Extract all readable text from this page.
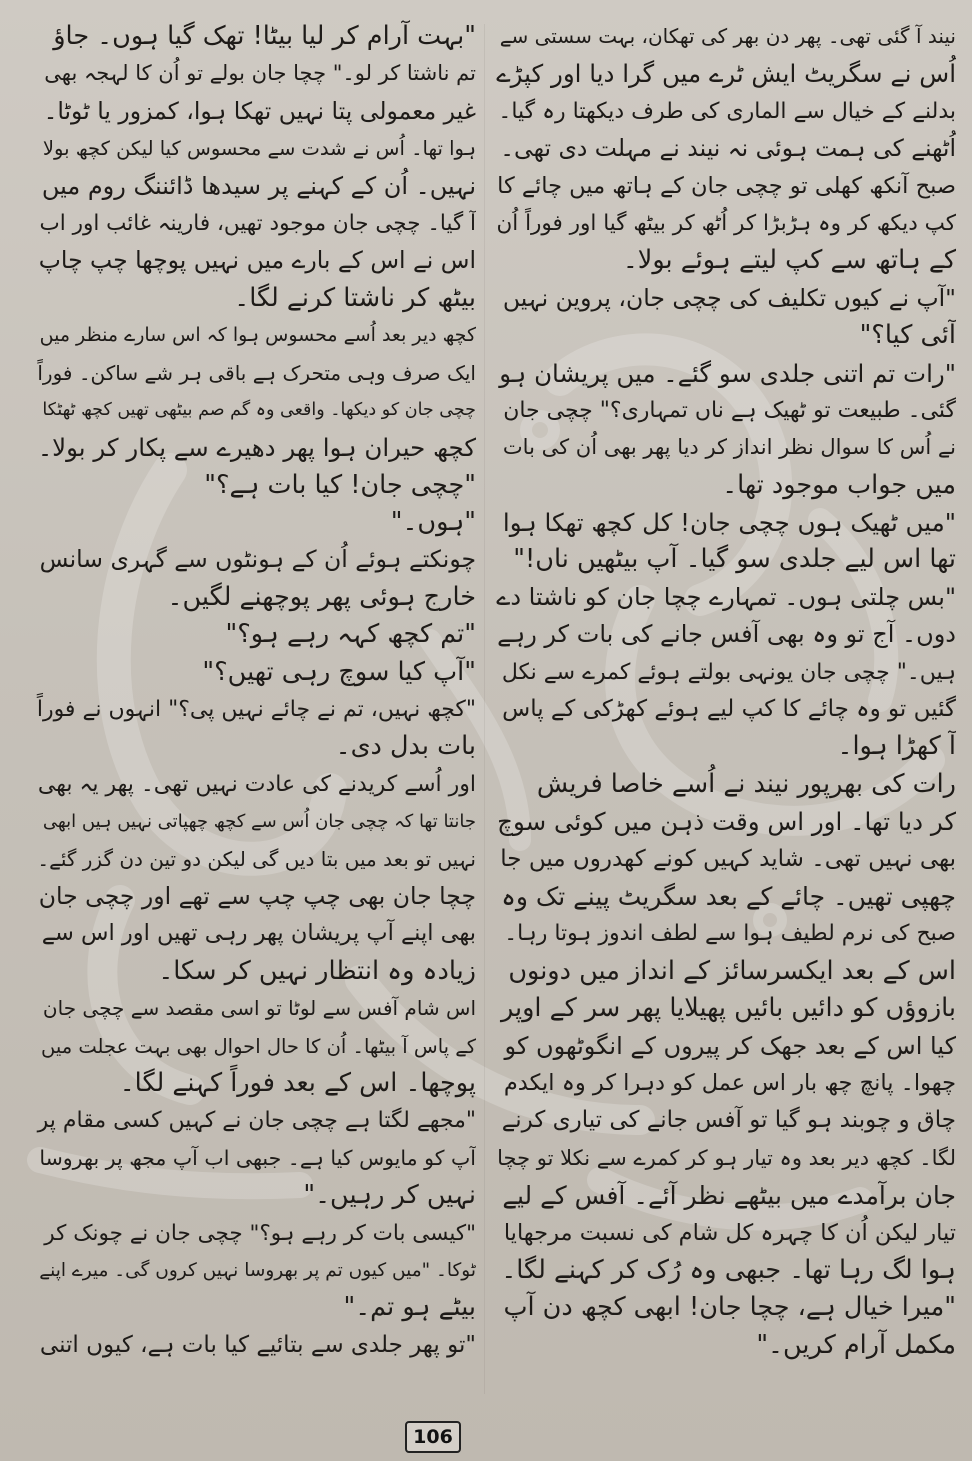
نیند آ گئی تھی۔ پھر دن بھر کی تھکان، بہت سستی سے
اُس نے سگریٹ ایش ٹرے میں گرا دیا اور کپڑے
بدلنے کے خیال سے الماری کی طرف دیکھتا رہ گیا۔
اُٹھنے کی ہمت ہوئی نہ نیند نے مہلت دی تھی۔
صبح آنکھ کھلی تو چچی جان کے ہاتھ میں چائے کا
کپ دیکھ کر وہ ہڑبڑا کر اُٹھ کر بیٹھ گیا اور فوراً اُن
کے ہاتھ سے کپ لیتے ہوئے بولا۔
"آپ نے کیوں تکلیف کی چچی جان، پروین نہیں
آئی کیا؟"
"رات تم اتنی جلدی سو گئے۔ میں پریشان ہو
گئی۔ طبیعت تو ٹھیک ہے ناں تمہاری؟" چچی جان
نے اُس کا سوال نظر انداز کر دیا پھر بھی اُن کی بات
میں جواب موجود تھا۔
"میں ٹھیک ہوں چچی جان! کل کچھ تھکا ہوا
تھا اس لیے جلدی سو گیا۔ آپ بیٹھیں ناں!"
"بس چلتی ہوں۔ تمہارے چچا جان کو ناشتا دے
دوں۔ آج تو وہ بھی آفس جانے کی بات کر رہے
ہیں۔" چچی جان یونہی بولتے ہوئے کمرے سے نکل
گئیں تو وہ چائے کا کپ لیے ہوئے کھڑکی کے پاس
آ کھڑا ہوا۔
رات کی بھرپور نیند نے اُسے خاصا فریش
کر دیا تھا۔ اور اس وقت ذہن میں کوئی سوچ
بھی نہیں تھی۔ شاید کہیں کونے کھدروں میں جا
چھپی تھیں۔ چائے کے بعد سگریٹ پینے تک وہ
صبح کی نرم لطیف ہوا سے لطف اندوز ہوتا رہا۔
اس کے بعد ایکسرسائز کے انداز میں دونوں
بازوؤں کو دائیں بائیں پھیلایا پھر سر کے اوپر
کیا اس کے بعد جھک کر پیروں کے انگوٹھوں کو
چھوا۔ پانچ چھ بار اس عمل کو دہرا کر وہ ایکدم
چاق و چوبند ہو گیا تو آفس جانے کی تیاری کرنے
لگا۔ کچھ دیر بعد وہ تیار ہو کر کمرے سے نکلا تو چچا
جان برآمدے میں بیٹھے نظر آئے۔ آفس کے لیے
تیار لیکن اُن کا چہرہ کل شام کی نسبت مرجھایا
ہوا لگ رہا تھا۔ جبھی وہ رُک کر کہنے لگا۔
"میرا خیال ہے، چچا جان! ابھی کچھ دن آپ
مکمل آرام کریں۔"
"بہت آرام کر لیا بیٹا! تھک گیا ہوں۔ جاؤ
تم ناشتا کر لو۔" چچا جان بولے تو اُن کا لہجہ بھی
غیر معمولی پتا نہیں تھکا ہوا، کمزور یا ٹوٹا۔
ہوا تھا۔ اُس نے شدت سے محسوس کیا لیکن کچھ بولا
نہیں۔ اُن کے کہنے پر سیدھا ڈائننگ روم میں
آ گیا۔ چچی جان موجود تھیں، فارینہ غائب اور اب
اس نے اس کے بارے میں نہیں پوچھا چپ چاپ
بیٹھ کر ناشتا کرنے لگا۔
کچھ دیر بعد اُسے محسوس ہوا کہ اس سارے منظر میں
ایک صرف وہی متحرک ہے باقی ہر شے ساکن۔ فوراً
چچی جان کو دیکھا۔ واقعی وہ گم صم بیٹھی تھیں کچھ ٹھٹکا
کچھ حیران ہوا پھر دھیرے سے پکار کر بولا۔
"چچی جان! کیا بات ہے؟"
"ہوں۔"
چونکتے ہوئے اُن کے ہونٹوں سے گہری سانس
خارج ہوئی پھر پوچھنے لگیں۔
"تم کچھ کہہ رہے ہو؟"
"آپ کیا سوچ رہی تھیں؟"
"کچھ نہیں، تم نے چائے نہیں پی؟" انہوں نے فوراً
بات بدل دی۔
اور اُسے کریدنے کی عادت نہیں تھی۔ پھر یہ بھی
جانتا تھا کہ چچی جان اُس سے کچھ چھپاتی نہیں ہیں ابھی
نہیں تو بعد میں بتا دیں گی لیکن دو تین دن گزر گئے۔
چچا جان بھی چپ چپ سے تھے اور چچی جان
بھی اپنے آپ پریشان پھر رہی تھیں اور اس سے
زیادہ وہ انتظار نہیں کر سکا۔
اس شام آفس سے لوٹا تو اسی مقصد سے چچی جان
کے پاس آ بیٹھا۔ اُن کا حال احوال بھی بہت عجلت میں
پوچھا۔ اس کے بعد فوراً کہنے لگا۔
"مجھے لگتا ہے چچی جان نے کہیں کسی مقام پر
آپ کو مایوس کیا ہے۔ جبھی اب آپ مجھ پر بھروسا
نہیں کر رہیں۔"
"کیسی بات کر رہے ہو؟" چچی جان نے چونک کر
ٹوکا۔ "میں کیوں تم پر بھروسا نہیں کروں گی۔ میرے اپنے
بیٹے ہو تم۔"
"تو پھر جلدی سے بتائیے کیا بات ہے، کیوں اتنی
106
